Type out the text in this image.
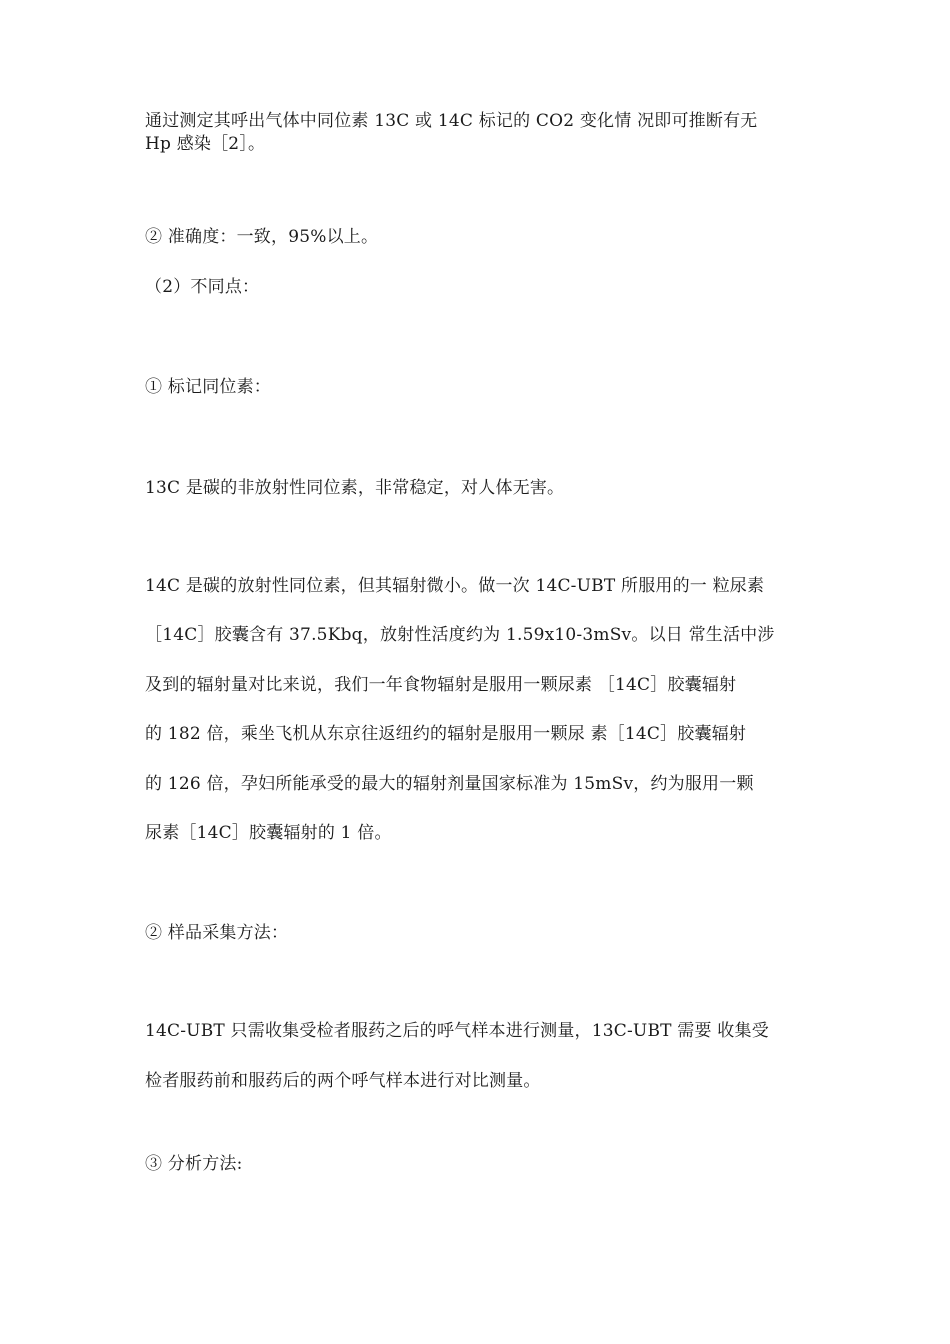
通过测定其呼出气体中同位素 13C 或 14C 标记的 CO2 变化情 况即可推断有无
Hp 感染［2］。
② 准确度：一致，95%以上。
（2）不同点：
① 标记同位素：
13C 是碳的非放射性同位素，非常稳定，对人体无害。
14C 是碳的放射性同位素，但其辐射微小。做一次 14C-UBT 所服用的一 粒尿素
［14C］胶囊含有 37.5Kbq，放射性活度约为 1.59x10-3mSv。以日 常生活中涉
及到的辐射量对比来说，我们一年食物辐射是服用一颗尿素 ［14C］胶囊辐射
的 182 倍，乘坐飞机从东京往返纽约的辐射是服用一颗尿 素［14C］胶囊辐射
的 126 倍，孕妇所能承受的最大的辐射剂量国家标准为 15mSv，约为服用一颗
尿素［14C］胶囊辐射的 1 倍。
② 样品采集方法：
14C-UBT 只需收集受检者服药之后的呼气样本进行测量，13C-UBT 需要 收集受
检者服药前和服药后的两个呼气样本进行对比测量。
③ 分析方法:
